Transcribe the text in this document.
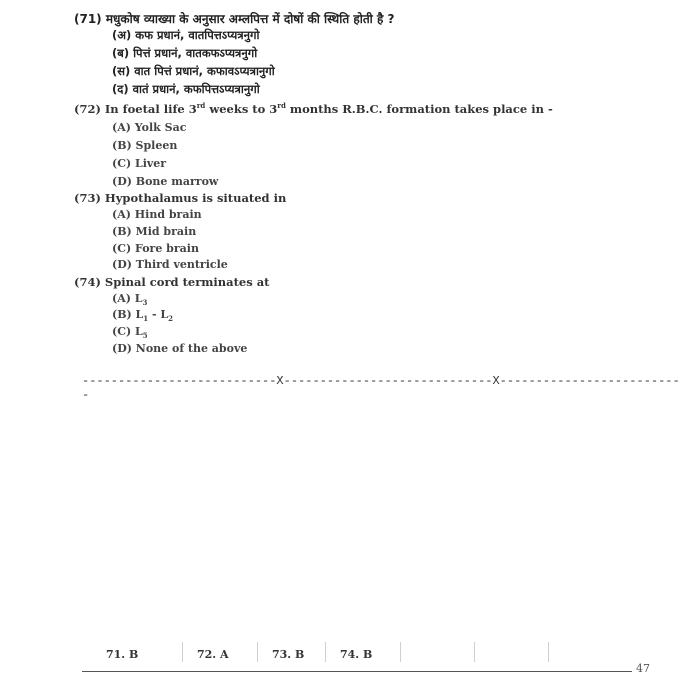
(71) मधुकोष व्याख्या के अनुसार अम्लपित्त में दोषों की स्थिति होती है ?
(अ) कफ प्रधानं, वातपित्तऽप्यत्रनुगो
(ब) पित्तं प्रधानं, वातकफऽप्यत्रनुगो
(स) वात पित्तं प्रधानं, कफावऽप्यत्रानुगो
(द) वातं प्रधानं, कफपित्तऽप्यत्रानुगो
(72) In foetal life 3rd weeks to 3rd months R.B.C. formation takes place in -
(A) Yolk Sac
(B) Spleen
(C) Liver
(D) Bone marrow
(73) Hypothalamus is situated in
(A) Hind brain
(B) Mid brain
(C) Fore brain
(D) Third ventricle
(74) Spinal cord terminates at
(A) $L_3$
(B) $L_1 - L_2$
(C) $L_5$
(D) None of the above
---------------------------X-----------------------------X--------------------------
71. B	72. A	73. B	74. B
47
